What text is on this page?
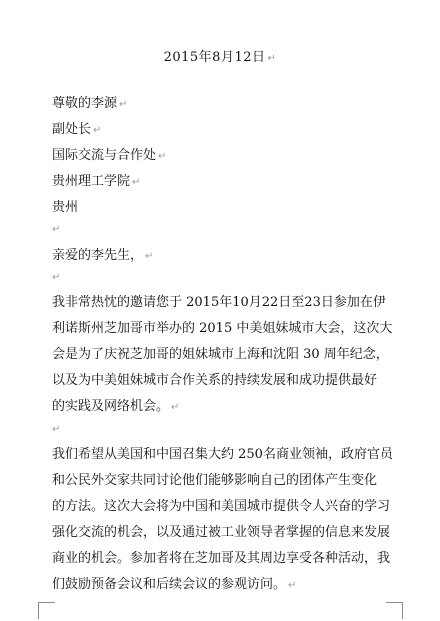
2015年8月12日 ↵
尊敬的李源 ↵
副处长 ↵
国际交流与合作处 ↵
贵州理工学院 ↵
贵州
↵
亲爱的李先生， ↵
↵

我非常热忱的邀请您于 2015年10月22日至23日参加在伊

利诺斯州芝加哥市举办的 2015 中美姐妹城市大会，这次大

会是为了庆祝芝加哥的姐妹城市上海和沈阳 30 周年纪念，

以及为中美姐妹城市合作关系的持续发展和成功提供最好

的实践及网络机会。 ↵

↵

我们希望从美国和中国召集大约 250名商业领袖，政府官员

和公民外交家共同讨论他们能够影响自己的团体产生变化

的方法。这次大会将为中国和美国城市提供令人兴奋的学习

强化交流的机会，以及通过被工业领导者掌握的信息来发展

商业的机会。参加者将在芝加哥及其周边享受各种活动，我

们鼓励预备会议和后续会议的参观访问。 ↵
